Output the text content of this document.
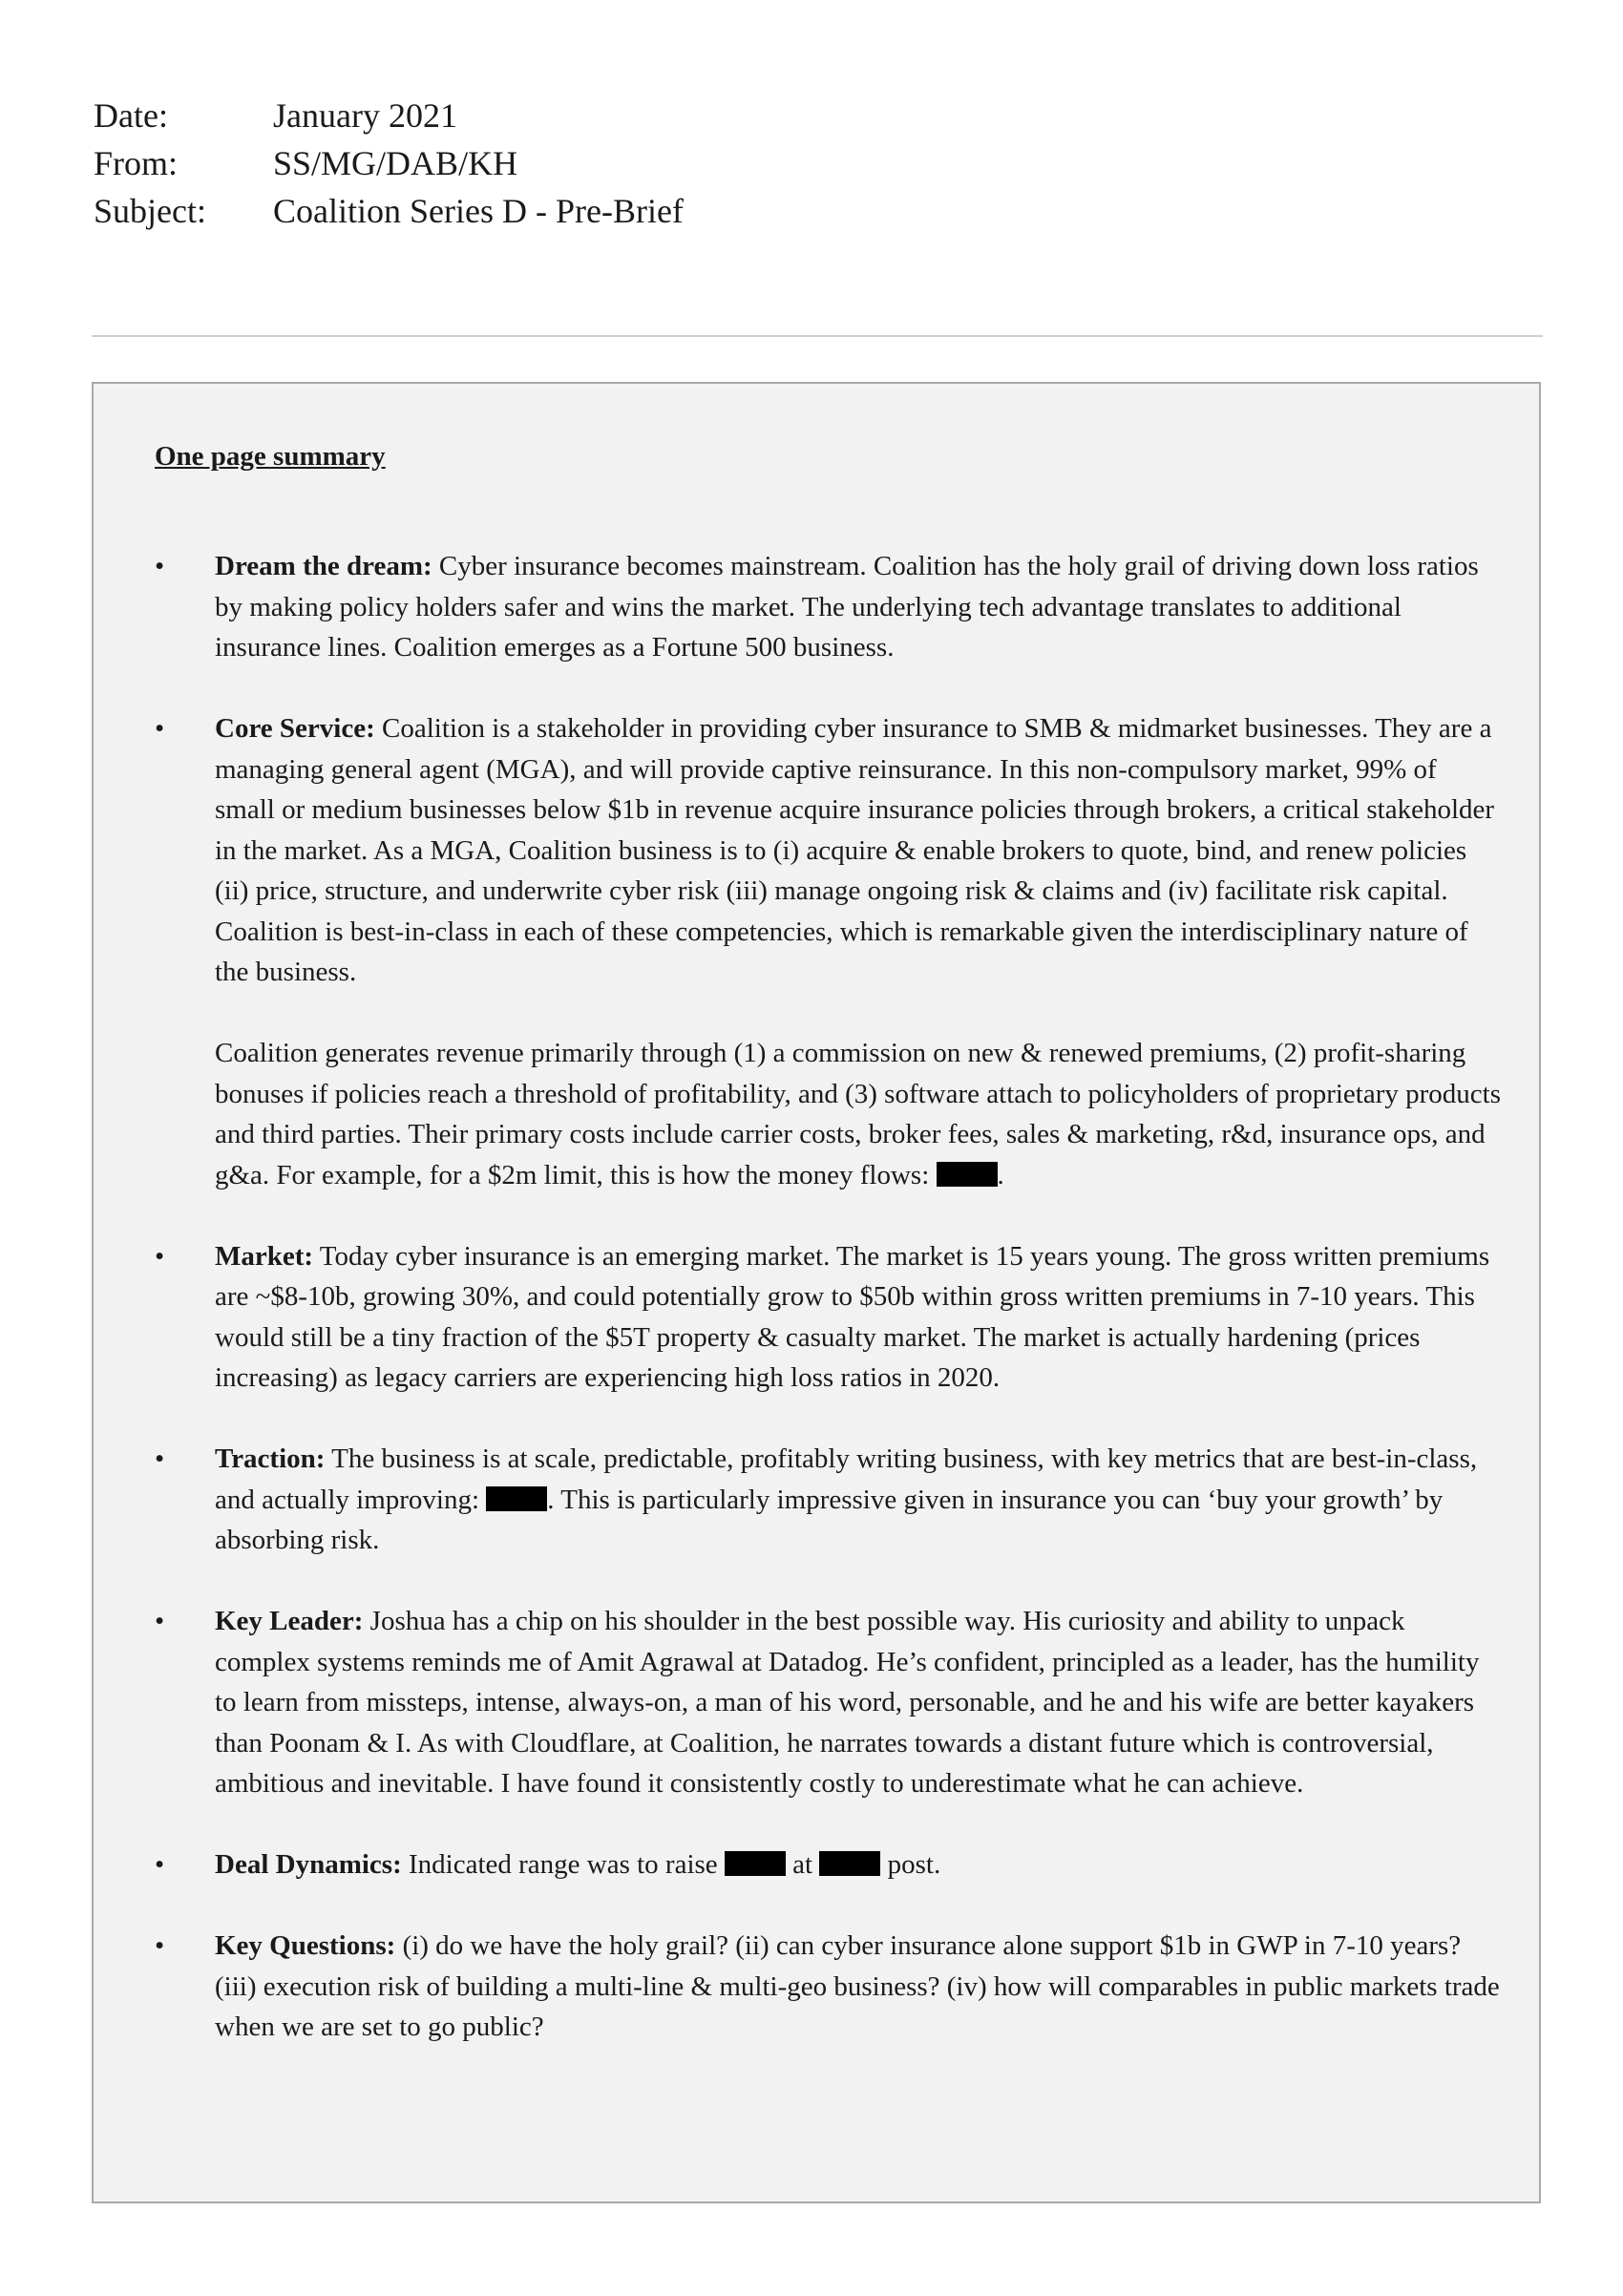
Date:	January 2021
From:	SS/MG/DAB/KH
Subject:	Coalition Series D - Pre-Brief
One page summary
• Dream the dream: Cyber insurance becomes mainstream. Coalition has the holy grail of driving down loss ratios by making policy holders safer and wins the market. The underlying tech advantage translates to additional insurance lines. Coalition emerges as a Fortune 500 business.

• Core Service: Coalition is a stakeholder in providing cyber insurance to SMB & midmarket businesses. They are a managing general agent (MGA), and will provide captive reinsurance. In this non-compulsory market, 99% of small or medium businesses below $1b in revenue acquire insurance policies through brokers, a critical stakeholder in the market. As a MGA, Coalition business is to (i) acquire & enable brokers to quote, bind, and renew policies (ii) price, structure, and underwrite cyber risk (iii) manage ongoing risk & claims and (iv) facilitate risk capital. Coalition is best-in-class in each of these competencies, which is remarkable given the interdisciplinary nature of the business.

Coalition generates revenue primarily through (1) a commission on new & renewed premiums, (2) profit-sharing bonuses if policies reach a threshold of profitability, and (3) software attach to policyholders of proprietary products and third parties. Their primary costs include carrier costs, broker fees, sales & marketing, r&d, insurance ops, and g&a. For example, for a $2m limit, this is how the money flows: .

• Market: Today cyber insurance is an emerging market. The market is 15 years young. The gross written premiums are ~$8-10b, growing 30%, and could potentially grow to $50b within gross written premiums in 7-10 years. This would still be a tiny fraction of the $5T property & casualty market. The market is actually hardening (prices increasing) as legacy carriers are experiencing high loss ratios in 2020.

• Traction: The business is at scale, predictable, profitably writing business, with key metrics that are best-in-class, and actually improving: . This is particularly impressive given in insurance you can ‘buy your growth’ by absorbing risk.

• Key Leader: Joshua has a chip on his shoulder in the best possible way. His curiosity and ability to unpack complex systems reminds me of Amit Agrawal at Datadog. He’s confident, principled as a leader, has the humility to learn from missteps, intense, always-on, a man of his word, personable, and he and his wife are better kayakers than Poonam & I. As with Cloudflare, at Coalition, he narrates towards a distant future which is controversial, ambitious and inevitable. I have found it consistently costly to underestimate what he can achieve.

• Deal Dynamics: Indicated range was to raise  at  post.

• Key Questions: (i) do we have the holy grail? (ii) can cyber insurance alone support $1b in GWP in 7-10 years? (iii) execution risk of building a multi-line & multi-geo business? (iv) how will comparables in public markets trade when we are set to go public?
